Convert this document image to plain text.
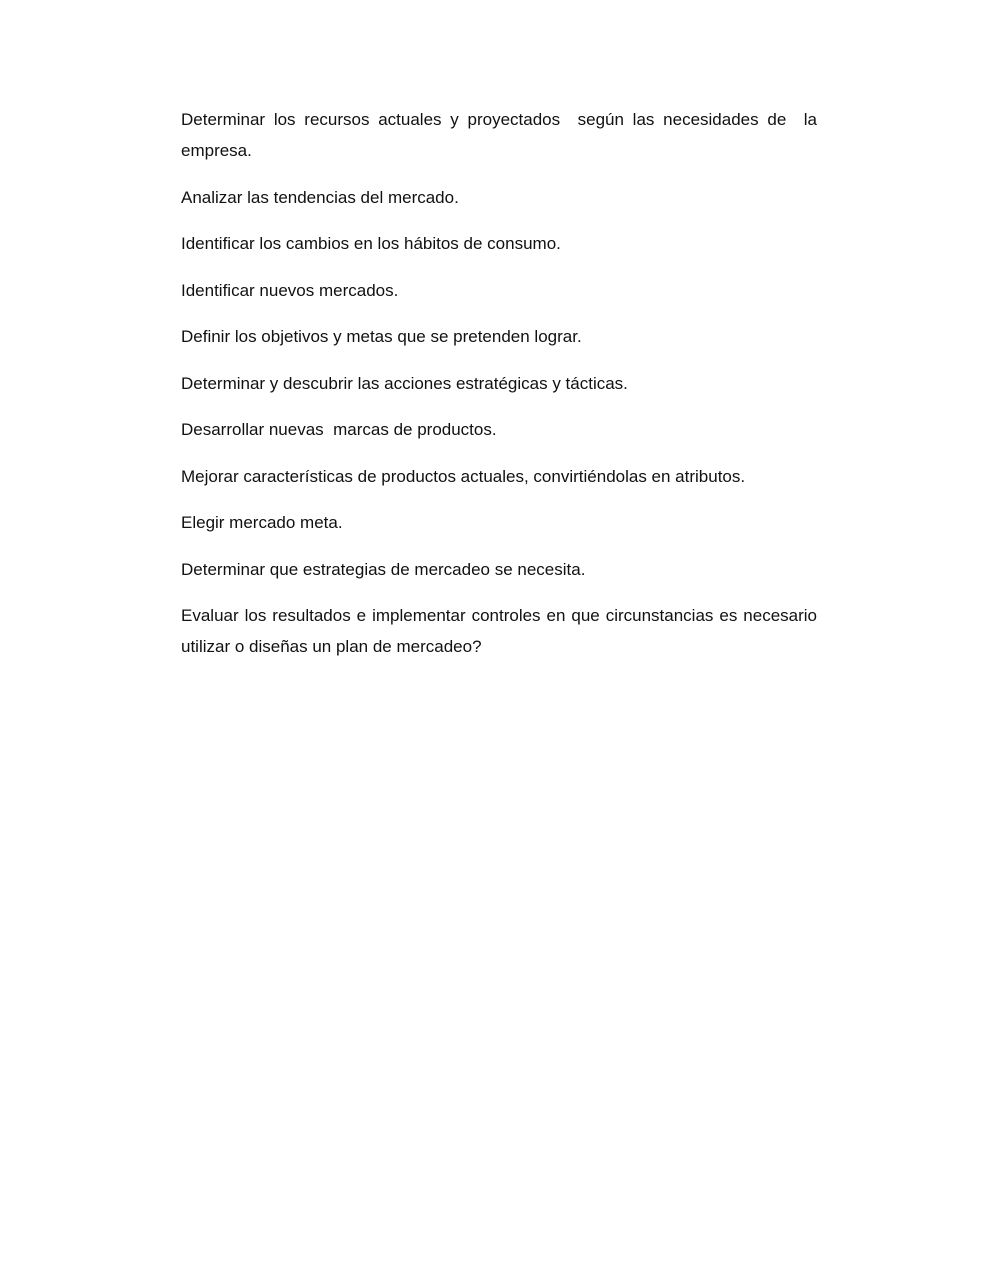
Determinar los recursos actuales y proyectados  según las necesidades de  la empresa.

Analizar las tendencias del mercado.

Identificar los cambios en los hábitos de consumo.

Identificar nuevos mercados.

Definir los objetivos y metas que se pretenden lograr.

Determinar y descubrir las acciones estratégicas y tácticas.

Desarrollar nuevas  marcas de productos.

Mejorar características de productos actuales, convirtiéndolas en atributos.

Elegir mercado meta.

Determinar que estrategias de mercadeo se necesita.

Evaluar los resultados e implementar controles en que circunstancias es necesario utilizar o diseñas un plan de mercadeo?
